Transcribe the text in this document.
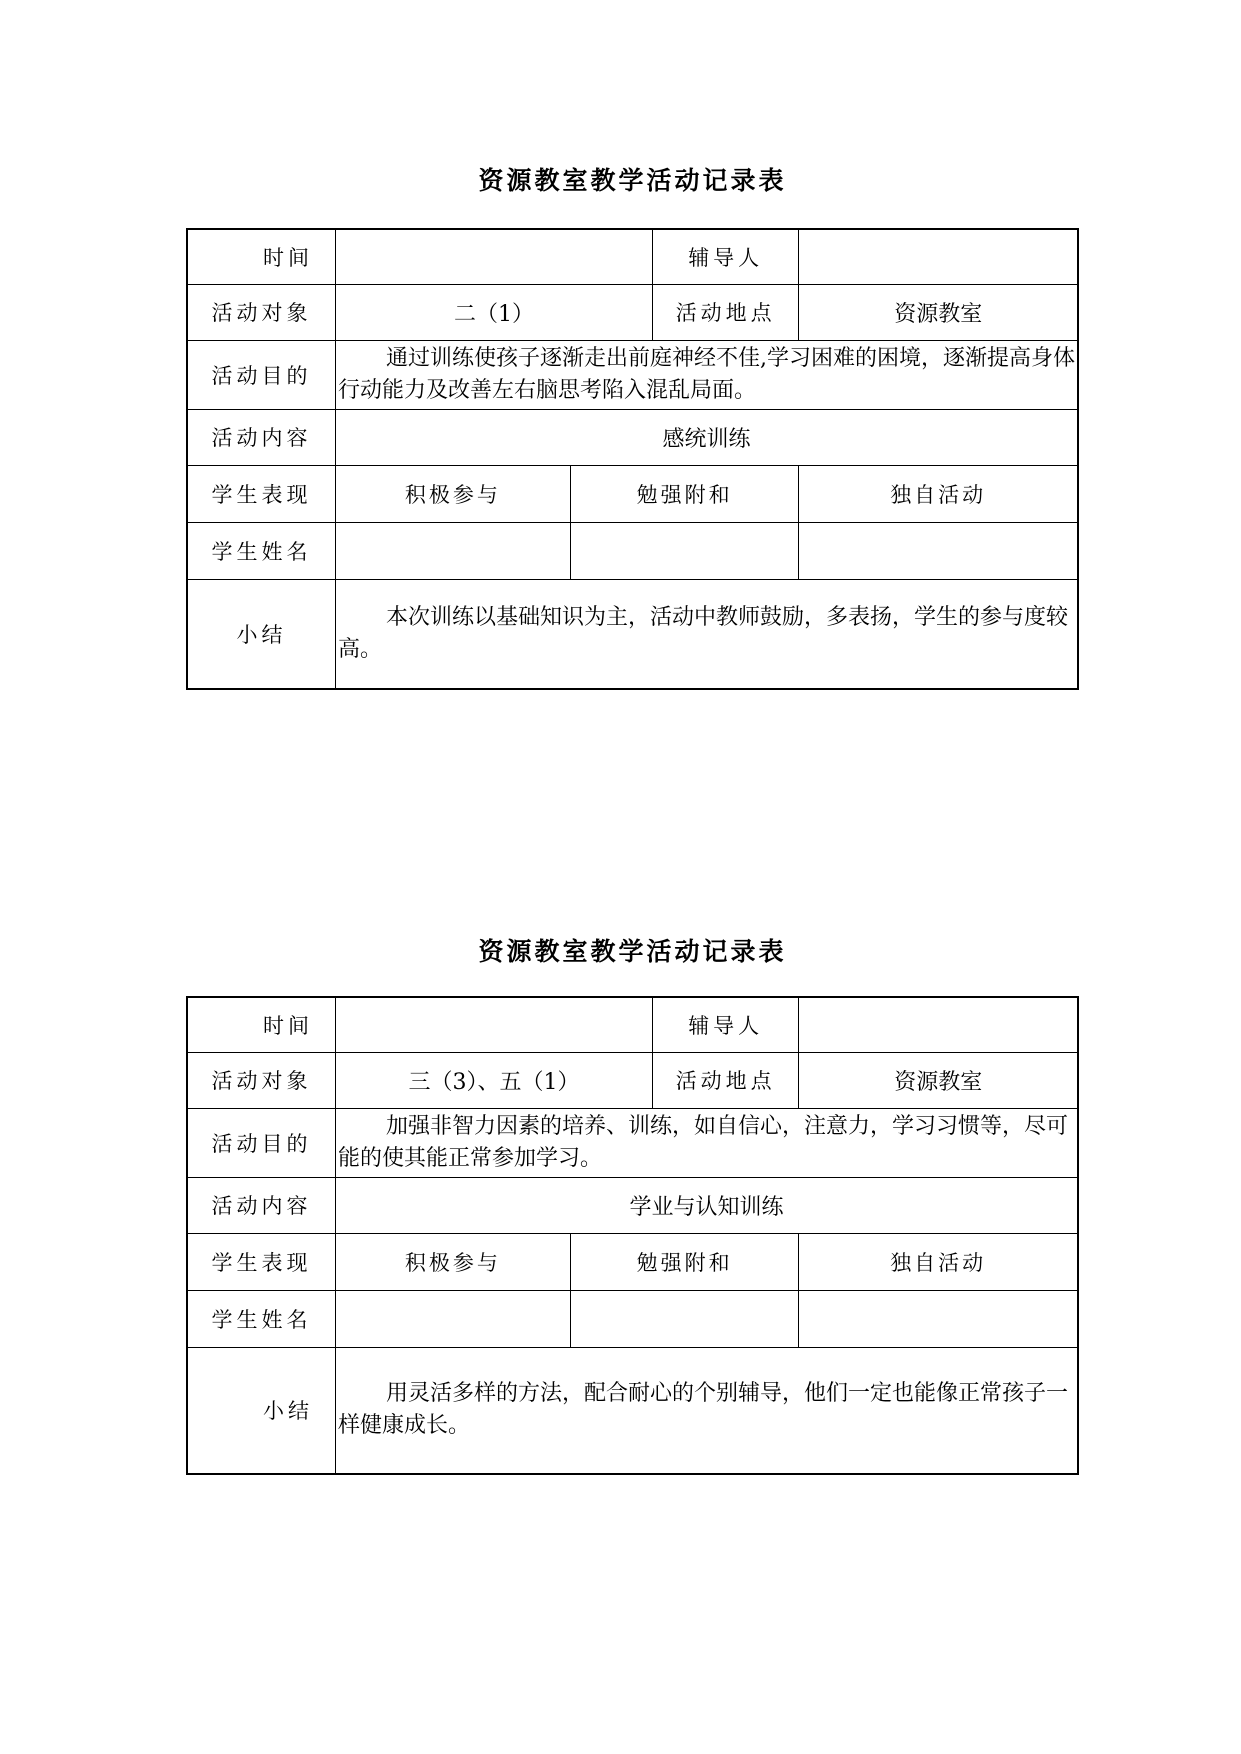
资源教室教学活动记录表
时间			辅导人	
活动对象	二（1）		活动地点	资源教室
活动目的	通过训练使孩子逐渐走出前庭神经不佳,学习困难的困境，逐渐提高身体行动能力及改善左右脑思考陷入混乱局面。			
活动内容	感统训练			
学生表现	积极参与	勉强附和		独自活动
学生姓名				
小结	本次训练以基础知识为主，活动中教师鼓励，多表扬，学生的参与度较高。			
资源教室教学活动记录表
时间			辅导人	
活动对象	三（3）、五（1）		活动地点	资源教室
活动目的	加强非智力因素的培养、训练，如自信心，注意力，学习习惯等，尽可能的使其能正常参加学习。			
活动内容	学业与认知训练			
学生表现	积极参与	勉强附和		独自活动
学生姓名				
小结	用灵活多样的方法，配合耐心的个别辅导，他们一定也能像正常孩子一样健康成长。			
